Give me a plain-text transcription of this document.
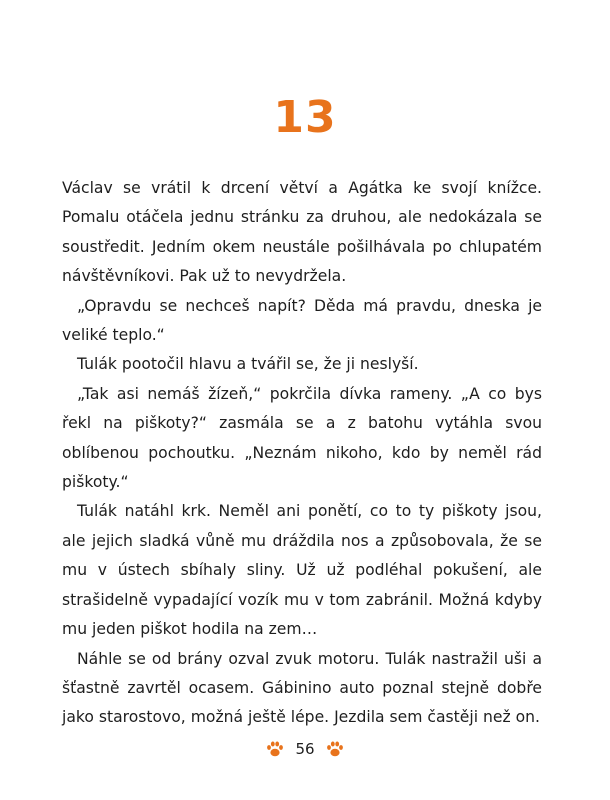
13

Václav se vrátil k drcení větví a Agátka ke svojí knížce. Pomalu otáčela jednu stránku za druhou, ale nedokázala se soustředit. Jedním okem neustále pošilhávala po chlupatém návštěvníkovi. Pak už to nevydržela.

„Opravdu se nechceš napít? Děda má pravdu, dneska je veliké teplo.“

Tulák pootočil hlavu a tvářil se, že ji neslyší.

„Tak asi nemáš žízeň,“ pokrčila dívka rameny. „A co bys řekl na piškoty?“ zasmála se a z batohu vytáhla svou oblíbenou pochoutku. „Neznám nikoho, kdo by neměl rád piškoty.“

Tulák natáhl krk. Neměl ani ponětí, co to ty piškoty jsou, ale jejich sladká vůně mu dráždila nos a způsobovala, že se mu v ústech sbíhaly sliny. Už už podléhal pokušení, ale strašidelně vypadající vozík mu v tom zabránil. Možná kdyby mu jeden piškot hodila na zem…

Náhle se od brány ozval zvuk motoru. Tulák nastražil uši a šťastně zavrtěl ocasem. Gábinino auto poznal stejně dobře jako starostovo, možná ještě lépe. Jezdila sem častěji než on.

56
